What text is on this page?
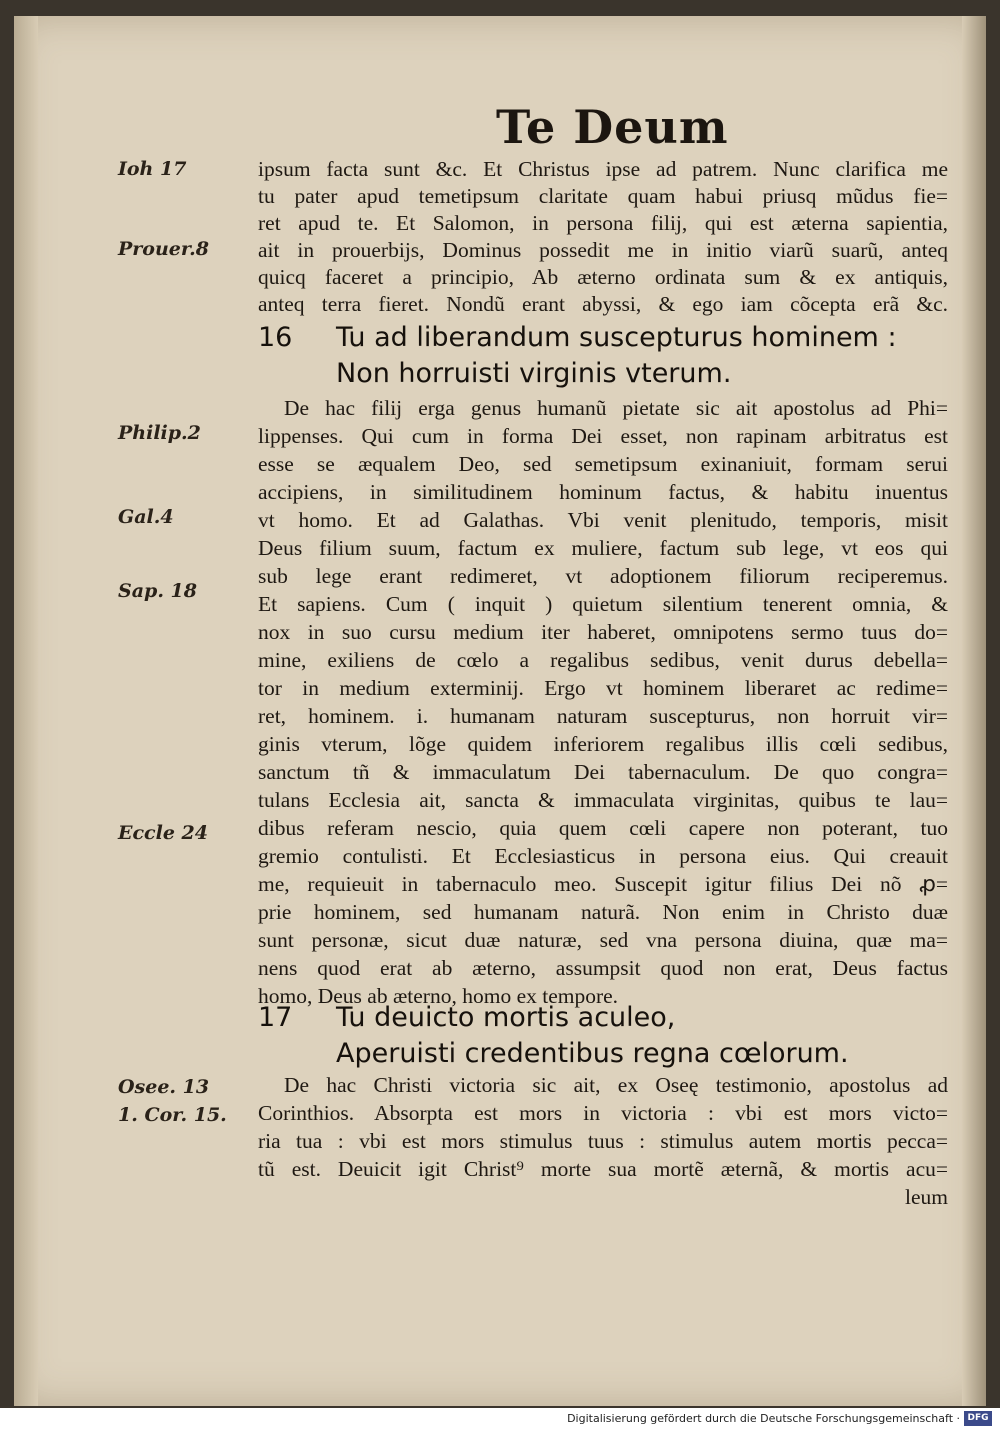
Te Deum
Ioh 17
Prouer.8
Philip.2
Gal.4
Sap. 18
Eccle 24
Osee. 13
1. Cor. 15.
ipsum facta sunt &c. Et Christus ipse ad patrem. Nunc clarifica me
tu pater apud temetipsum claritate quam habui priusq mũdus fie=
ret apud te. Et Salomon, in persona filij, qui est æterna sapientia,
ait in prouerbijs, Dominus possedit me in initio viarũ suarũ, anteq
quicq faceret a principio, Ab æterno ordinata sum & ex antiquis,
anteq terra fieret. Nondũ erant abyssi, & ego iam cõcepta erã &c.
16 Tu ad liberandum suscepturus hominem :
Non horruisti virginis vterum.
De hac filij erga genus humanũ pietate sic ait apostolus ad Phi=
lippenses. Qui cum in forma Dei esset, non rapinam arbitratus est
esse se æqualem Deo, sed semetipsum exinaniuit, formam serui
accipiens, in similitudinem hominum factus, & habitu inuentus
vt homo. Et ad Galathas. Vbi venit plenitudo, temporis, misit
Deus filium suum, factum ex muliere, factum sub lege, vt eos qui
sub lege erant redimeret, vt adoptionem filiorum reciperemus.
Et sapiens. Cum ( inquit ) quietum silentium tenerent omnia, &
nox in suo cursu medium iter haberet, omnipotens sermo tuus do=
mine, exiliens de cœlo a regalibus sedibus, venit durus debella=
tor in medium exterminij. Ergo vt hominem liberaret ac redime=
ret, hominem. i. humanam naturam suscepturus, non horruit vir=
ginis vterum, lõge quidem inferiorem regalibus illis cœli sedibus,
sanctum tñ & immaculatum Dei tabernaculum. De quo congra=
tulans Ecclesia ait, sancta & immaculata virginitas, quibus te lau=
dibus referam nescio, quia quem cœli capere non poterant, tuo
gremio contulisti. Et Ecclesiasticus in persona eius. Qui creauit
me, requieuit in tabernaculo meo. Suscepit igitur filius Dei nõ ꝓ=
prie hominem, sed humanam naturã. Non enim in Christo duæ
sunt personæ, sicut duæ naturæ, sed vna persona diuina, quæ ma=
nens quod erat ab æterno, assumpsit quod non erat, Deus factus
homo, Deus ab æterno, homo ex tempore.
17 Tu deuicto mortis aculeo,
Aperuisti credentibus regna cœlorum.
De hac Christi victoria sic ait, ex Oseę testimonio, apostolus ad
Corinthios. Absorpta est mors in victoria : vbi est mors victo=
ria tua : vbi est mors stimulus tuus : stimulus autem mortis pecca=
tũ est. Deuicit igit Christ⁹ morte sua mortẽ æternã, & mortis acu=
leum
Digitalisierung gefördert durch die Deutsche Forschungsgemeinschaft · DFG
